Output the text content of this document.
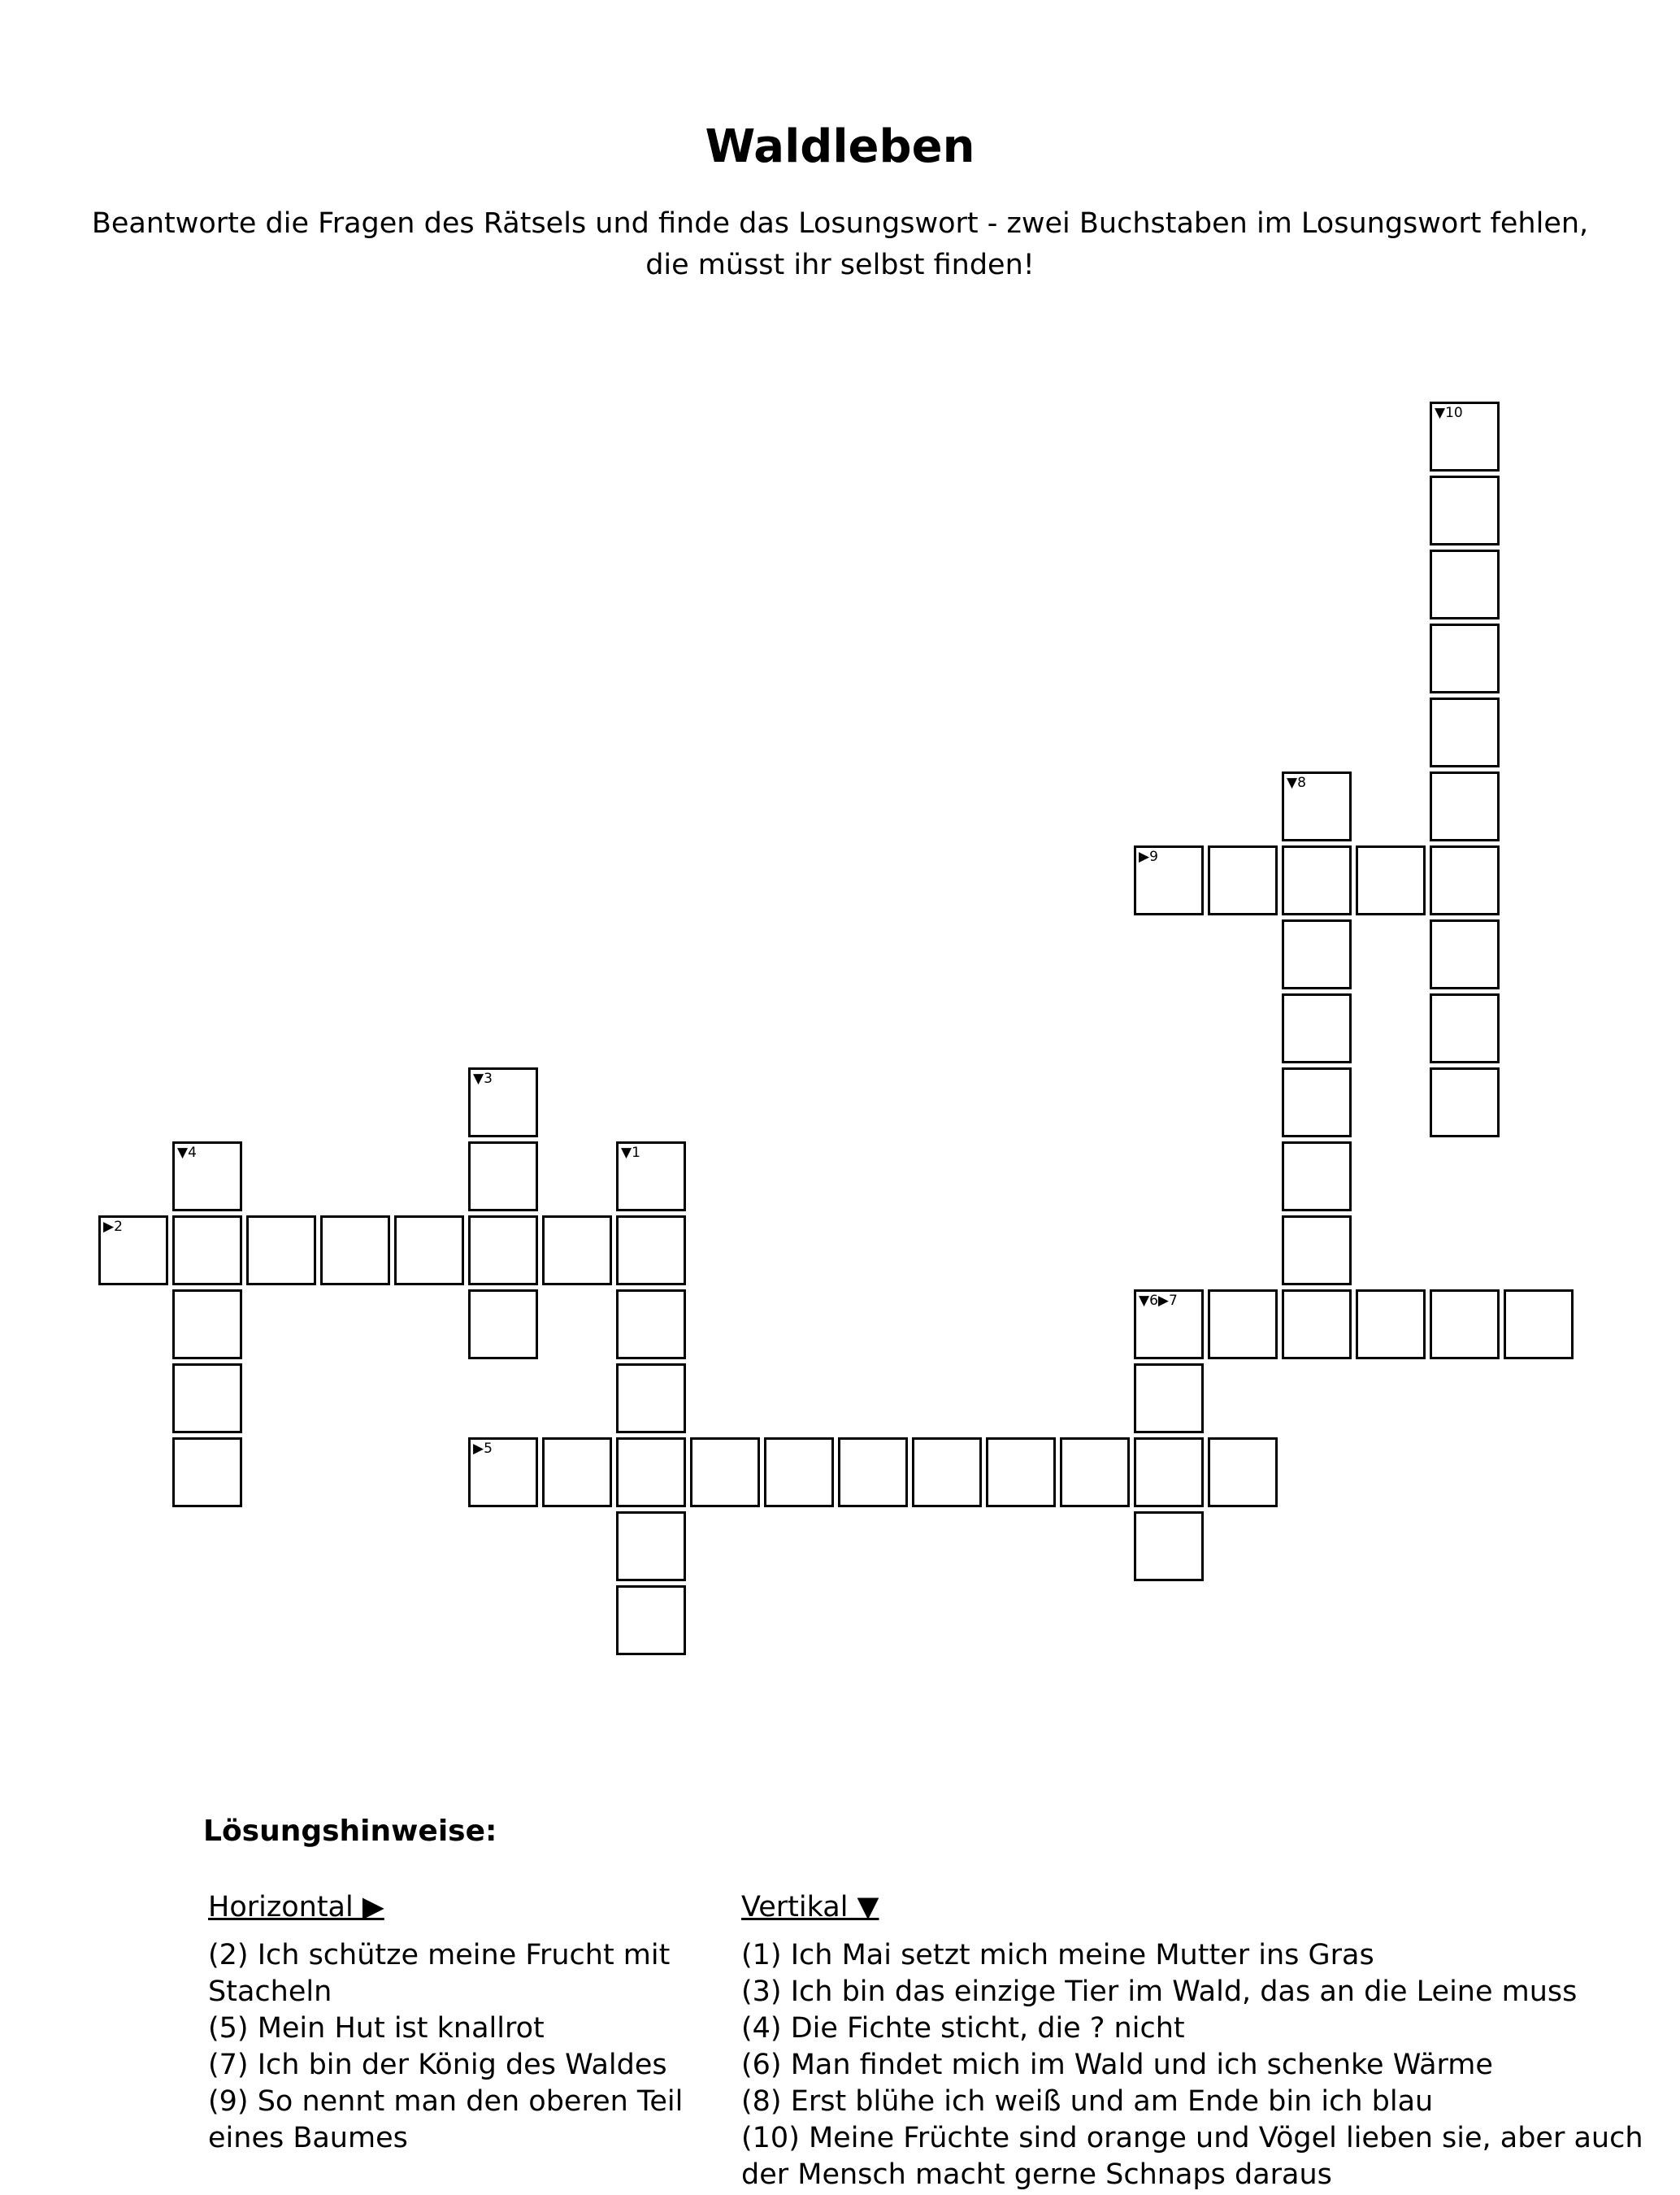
Waldleben
Beantworte die Fragen des Rätsels und finde das Losungswort - zwei Buchstaben im Losungswort fehlen, die müsst ihr selbst finden!
▶2
▼4
▼3
▼1
▶5
▼6▶7
▼8
▶9
▼10
Lösungshinweise:
Horizontal ▶
(2) Ich schütze meine Frucht mit Stacheln
(5) Mein Hut ist knallrot
(7) Ich bin der König des Waldes
(9) So nennt man den oberen Teil eines Baumes
Vertikal ▼
(1) Ich Mai setzt mich meine Mutter ins Gras
(3) Ich bin das einzige Tier im Wald, das an die Leine muss
(4) Die Fichte sticht, die ? nicht
(6) Man findet mich im Wald und ich schenke Wärme
(8) Erst blühe ich weiß und am Ende bin ich blau
(10) Meine Früchte sind orange und Vögel lieben sie, aber auch der Mensch macht gerne Schnaps daraus
